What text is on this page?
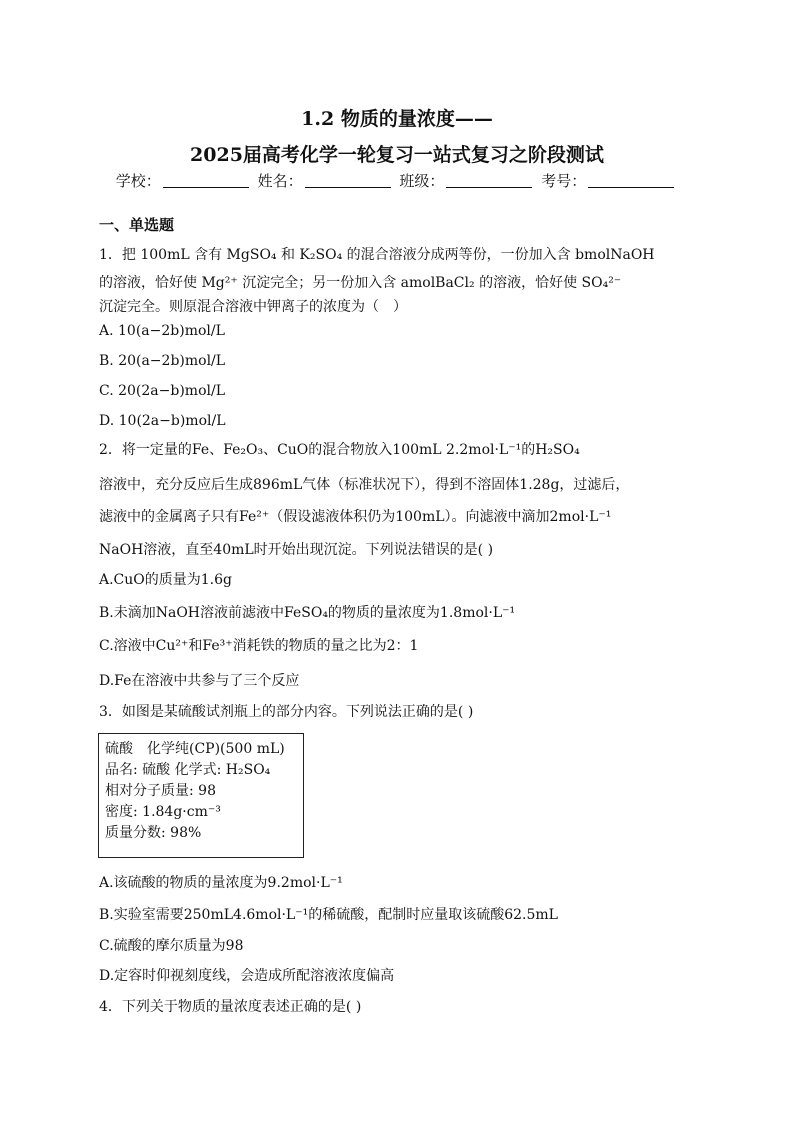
1.2 物质的量浓度——
2025届高考化学一轮复习一站式复习之阶段测试
学校：	姓名：	班级：	考号：
一、单选题
1．把 100mL 含有 MgSO₄ 和 K₂SO₄ 的混合溶液分成两等份，一份加入含 bmolNaOH
的溶液，恰好使 Mg²⁺ 沉淀完全；另一份加入含 amolBaCl₂ 的溶液，恰好使 SO₄²⁻
沉淀完全。则原混合溶液中钾离子的浓度为（　）
A. 10(a−2b)mol/L
B. 20(a−2b)mol/L
C. 20(2a−b)mol/L
D. 10(2a−b)mol/L
2．将一定量的Fe、Fe₂O₃、CuO的混合物放入100mL 2.2mol·L⁻¹的H₂SO₄
溶液中，充分反应后生成896mL气体（标准状况下），得到不溶固体1.28g，过滤后，
滤液中的金属离子只有Fe²⁺（假设滤液体积仍为100mL）。向滤液中滴加2mol·L⁻¹
NaOH溶液，直至40mL时开始出现沉淀。下列说法错误的是( )
A.CuO的质量为1.6g
B.未滴加NaOH溶液前滤液中FeSO₄的物质的量浓度为1.8mol·L⁻¹
C.溶液中Cu²⁺和Fe³⁺消耗铁的物质的量之比为2：1
D.Fe在溶液中共参与了三个反应
3．如图是某硫酸试剂瓶上的部分内容。下列说法正确的是( )
硫酸　化学纯(CP)(500 mL)
品名: 硫酸 化学式: H₂SO₄
相对分子质量: 98
密度: 1.84g·cm⁻³
质量分数: 98%
A.该硫酸的物质的量浓度为9.2mol·L⁻¹
B.实验室需要250mL4.6mol·L⁻¹的稀硫酸，配制时应量取该硫酸62.5mL
C.硫酸的摩尔质量为98
D.定容时仰视刻度线，会造成所配溶液浓度偏高
4．下列关于物质的量浓度表述正确的是( )
